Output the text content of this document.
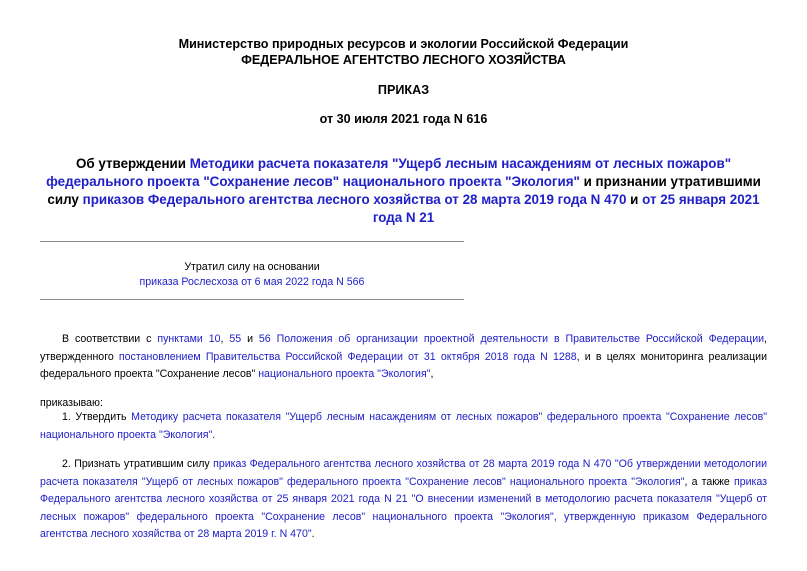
Министерство природных ресурсов и экологии Российской Федерации
ФЕДЕРАЛЬНОЕ АГЕНТСТВО ЛЕСНОГО ХОЗЯЙСТВА
ПРИКАЗ
от 30 июля 2021 года N 616
Об утверждении Методики расчета показателя "Ущерб лесным насаждениям от лесных пожаров" федерального проекта "Сохранение лесов" национального проекта "Экология" и признании утратившими силу приказов Федерального агентства лесного хозяйства от 28 марта 2019 года N 470 и от 25 января 2021 года N 21
Утратил силу на основании
приказа Рослесхоза от 6 мая 2022 года N 566
В соответствии с пунктами 10, 55 и 56 Положения об организации проектной деятельности в Правительстве Российской Федерации, утвержденного постановлением Правительства Российской Федерации от 31 октября 2018 года N 1288, и в целях мониторинга реализации федерального проекта "Сохранение лесов" национального проекта "Экология",
приказываю:
1. Утвердить Методику расчета показателя "Ущерб лесным насаждениям от лесных пожаров" федерального проекта "Сохранение лесов" национального проекта "Экология".
2. Признать утратившим силу приказ Федерального агентства лесного хозяйства от 28 марта 2019 года N 470 "Об утверждении методологии расчета показателя "Ущерб от лесных пожаров" федерального проекта "Сохранение лесов" национального проекта "Экология", а также приказ Федерального агентства лесного хозяйства от 25 января 2021 года N 21 "О внесении изменений в методологию расчета показателя "Ущерб от лесных пожаров" федерального проекта "Сохранение лесов" национального проекта "Экология", утвержденную приказом Федерального агентства лесного хозяйства от 28 марта 2019 г. N 470".
